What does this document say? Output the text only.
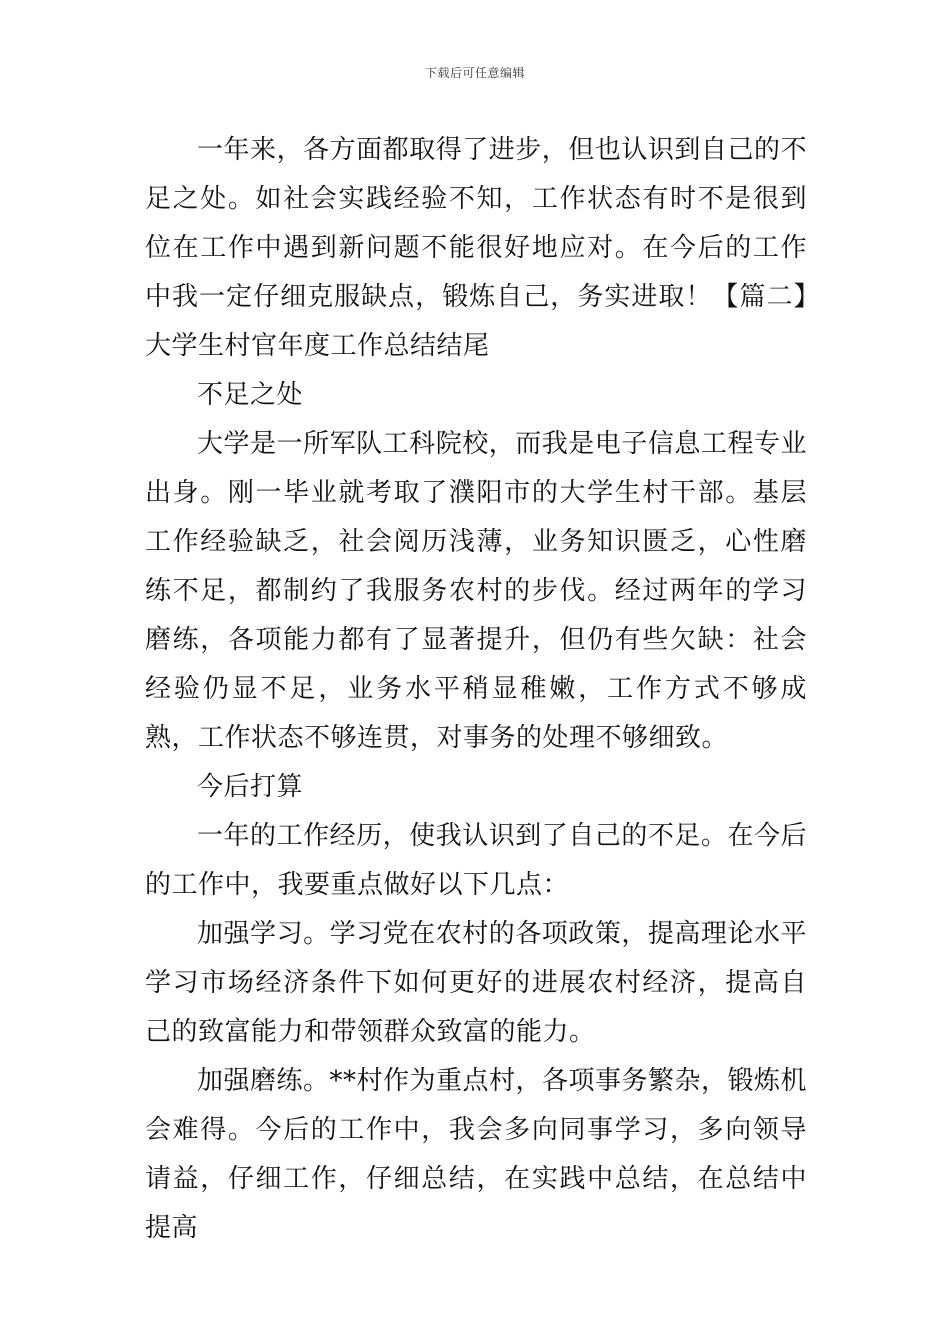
下载后可任意编辑

一年来，各方面都取得了进步，但也认识到自己的不足之处。如社会实践经验不知，工作状态有时不是很到位在工作中遇到新问题不能很好地应对。在今后的工作中我一定仔细克服缺点，锻炼自己，务实进取！【篇二】大学生村官年度工作总结结尾

不足之处

大学是一所军队工科院校，而我是电子信息工程专业出身。刚一毕业就考取了濮阳市的大学生村干部。基层工作经验缺乏，社会阅历浅薄，业务知识匮乏，心性磨练不足，都制约了我服务农村的步伐。经过两年的学习磨练，各项能力都有了显著提升，但仍有些欠缺：社会经验仍显不足，业务水平稍显稚嫩，工作方式不够成熟，工作状态不够连贯，对事务的处理不够细致。

今后打算

一年的工作经历，使我认识到了自己的不足。在今后的工作中，我要重点做好以下几点：

加强学习。学习党在农村的各项政策，提高理论水平学习市场经济条件下如何更好的进展农村经济，提高自己的致富能力和带领群众致富的能力。

加强磨练。**村作为重点村，各项事务繁杂，锻炼机会难得。今后的工作中，我会多向同事学习，多向领导请益，仔细工作，仔细总结，在实践中总结，在总结中提高
